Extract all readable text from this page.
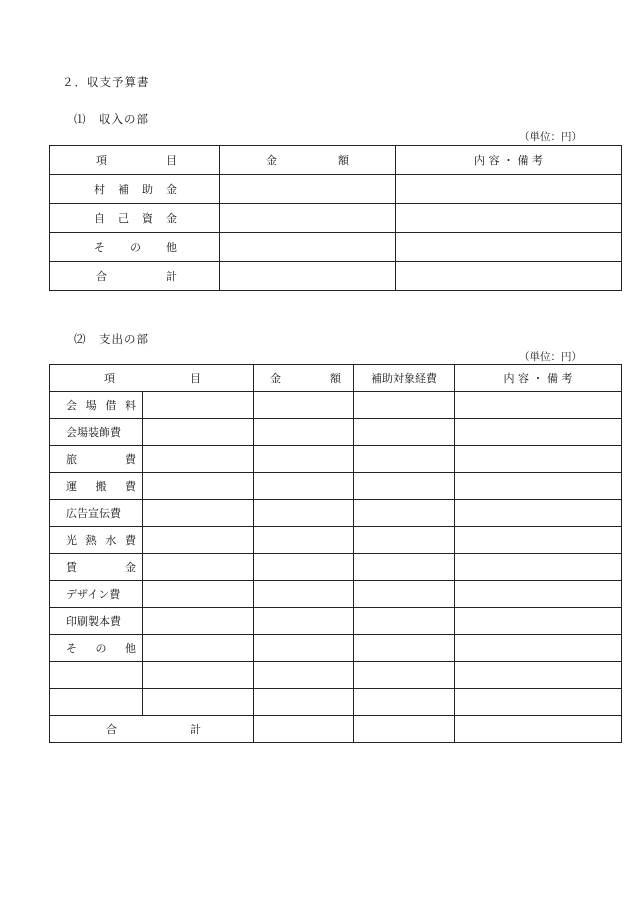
２．収支予算書
⑴　収入の部
（単位：円）
項 目	金 額	内 容 ・ 備 考

村 補 助 金		

自 己 資 金		

そ の 他		

合 計		

⑵　支出の部
（単位：円）
項 目		金 額	補助対象経費	内 容 ・ 備 考

会 場 借 料				

会場装飾費				

旅 費				

運 搬 費				

広告宣伝費				

光 熱 水 費				

賃 金				

デザイン費				
印刷製本費				

そ の 他				

合 計				
